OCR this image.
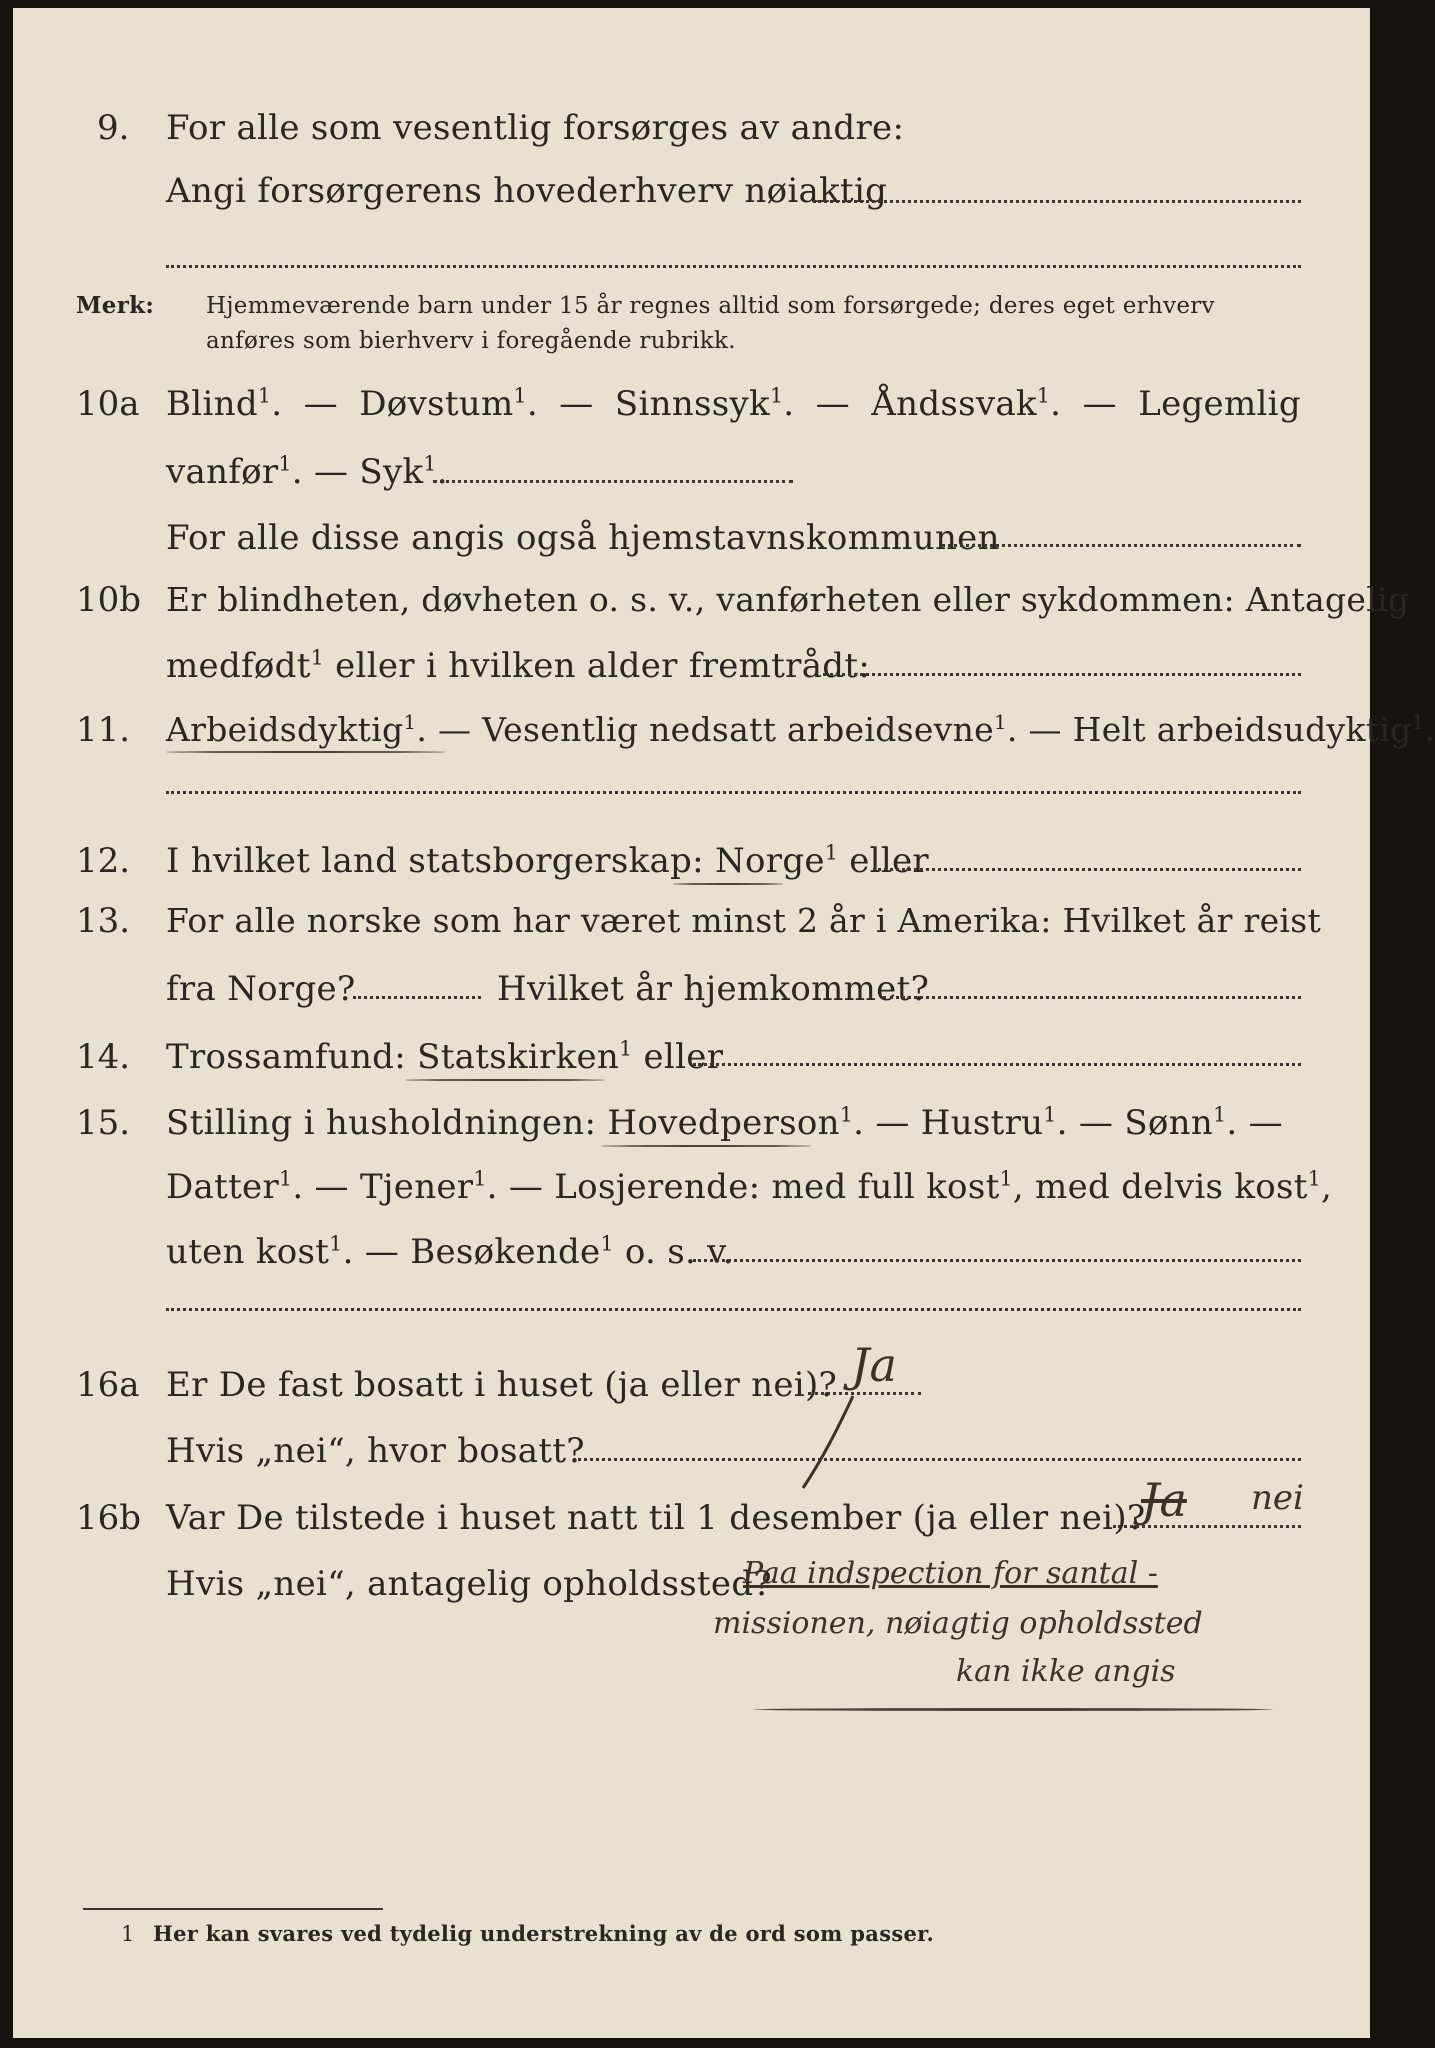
9. For alle som vesentlig forsørges av andre:
Angi forsørgerens hovederhverv nøiaktig
Merk: Hjemmeværende barn under 15 år regnes alltid som forsørgede; deres eget erhverv
anføres som bierhverv i foregående rubrikk.
10a Blind$^1$. — Døvstum$^1$. — Sinnssyk$^1$. — Åndssvak$^1$. — Legemlig
vanfør$^1$. — Syk$^1$.
For alle disse angis også hjemstavnskommunen
10b Er blindheten, døvheten o. s. v., vanførheten eller sykdommen: Antagelig
medfødt$^1$ eller i hvilken alder fremtrådt:
11. Arbeidsdyktig$^1$. — Vesentlig nedsatt arbeidsevne$^1$. — Helt arbeidsudyktig$^1$.
12. I hvilket land statsborgerskap: Norge$^1$ eller
13. For alle norske som har været minst 2 år i Amerika: Hvilket år reist
fra Norge?	Hvilket år hjemkommet?
14. Trossamfund: Statskirken$^1$ eller
15. Stilling i husholdningen: Hovedperson$^1$. — Hustru$^1$. — Sønn$^1$. —
Datter$^1$. — Tjener$^1$. — Losjerende: med full kost$^1$, med delvis kost$^1$,
uten kost$^1$. — Besøkende$^1$ o. s. v.
16a Er De fast bosatt i huset (ja eller nei)? Ja
Hvis „nei“, hvor bosatt?
16b Var De tilstede i huset natt til 1 desember (ja eller nei)?
Ja nei
Hvis „nei“, antagelig opholdssted?
Paa indspection for santal -
missionen, nøiagtig opholdssted
kan ikke angis
1 Her kan svares ved tydelig understrekning av de ord som passer.
